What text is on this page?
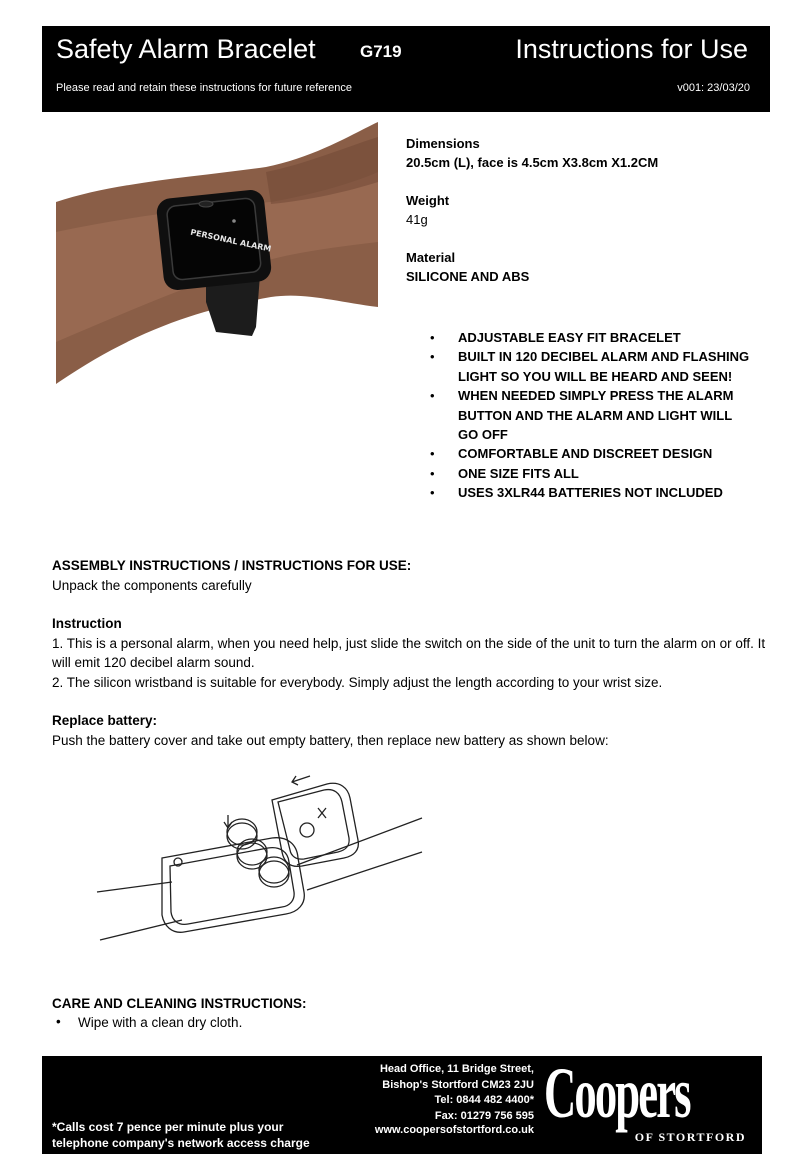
Safety Alarm Bracelet	G719	Instructions for Use
Please read and retain these instructions for future reference	v001: 23/03/20
PERSONAL ALARM

Dimensions

20.5cm (L), face is 4.5cm X3.8cm X1.2CM

Weight

41g

Material

SILICONE AND ABS

• ADJUSTABLE EASY FIT BRACELET
• BUILT IN 120 DECIBEL ALARM AND FLASHING LIGHT SO YOU WILL BE HEARD AND SEEN!
• WHEN NEEDED SIMPLY PRESS THE ALARM BUTTON AND THE ALARM AND LIGHT WILL GO OFF
• COMFORTABLE AND DISCREET DESIGN
• ONE SIZE FITS ALL
• USES 3XLR44 BATTERIES NOT INCLUDED

ASSEMBLY INSTRUCTIONS / INSTRUCTIONS FOR USE:

Unpack the components carefully

Instruction

1. This is a personal alarm, when you need help, just slide the switch on the side of the unit to turn the alarm on or off. It will emit 120 decibel alarm sound.

2. The silicon wristband is suitable for everybody. Simply adjust the length according to your wrist size.

Replace battery:

Push the battery cover and take out empty battery, then replace new battery as shown below:

CARE AND CLEANING INSTRUCTIONS:

• Wipe with a clean dry cloth.
Head Office, 11 Bridge Street,
Bishop's Stortford CM23 2JU
Tel: 0844 482 4400*
Fax: 01279 756 595
www.coopersofstortford.co.uk
*Calls cost 7 pence per minute plus your
telephone company's network access charge
Coopers
OF STORTFORD
